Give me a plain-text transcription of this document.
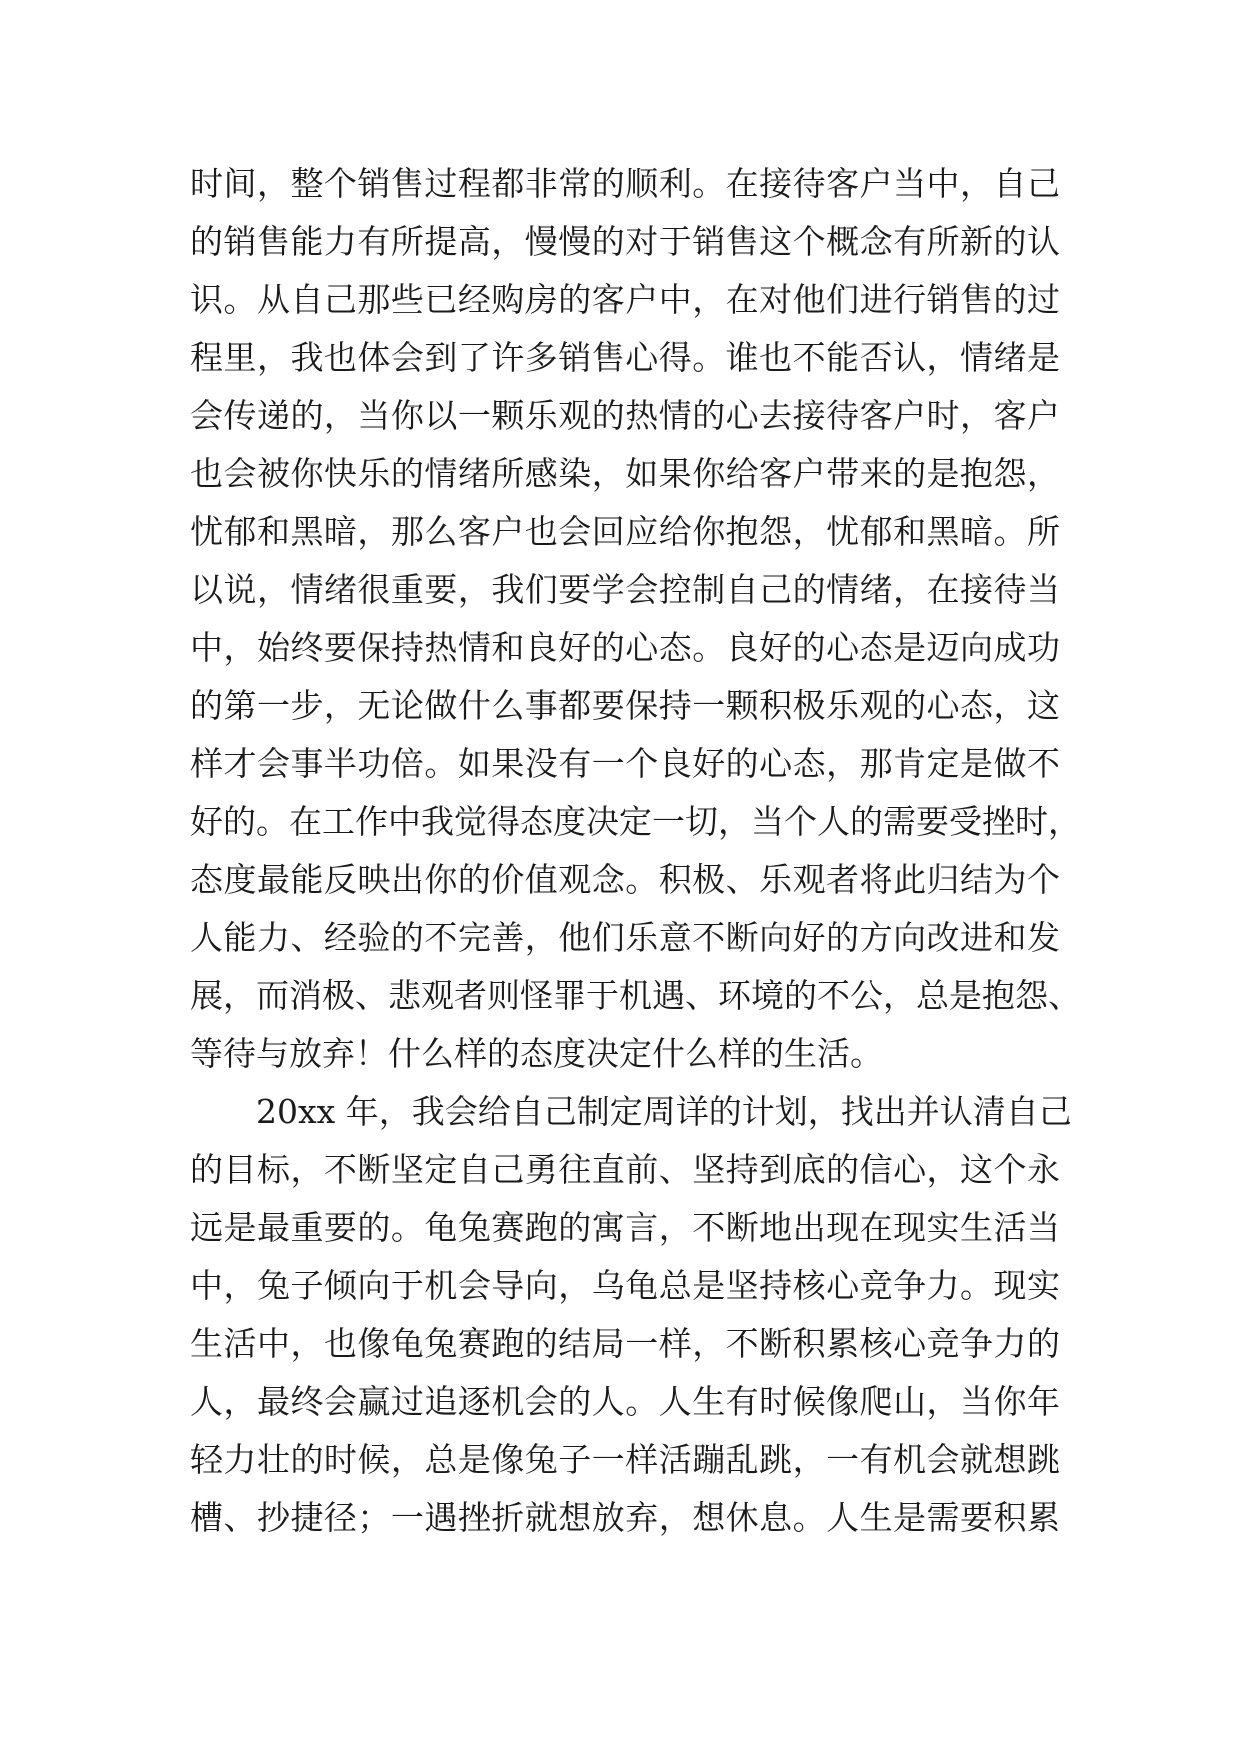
时间，整个销售过程都非常的顺利。在接待客户当中，自己
的销售能力有所提高，慢慢的对于销售这个概念有所新的认
识。从自己那些已经购房的客户中，在对他们进行销售的过
程里，我也体会到了许多销售心得。谁也不能否认，情绪是
会传递的，当你以一颗乐观的热情的心去接待客户时，客户
也会被你快乐的情绪所感染，如果你给客户带来的是抱怨，
忧郁和黑暗，那么客户也会回应给你抱怨，忧郁和黑暗。所
以说，情绪很重要，我们要学会控制自己的情绪，在接待当
中，始终要保持热情和良好的心态。良好的心态是迈向成功
的第一步，无论做什么事都要保持一颗积极乐观的心态，这
样才会事半功倍。如果没有一个良好的心态，那肯定是做不
好的。在工作中我觉得态度决定一切，当个人的需要受挫时，
态度最能反映出你的价值观念。积极、乐观者将此归结为个
人能力、经验的不完善，他们乐意不断向好的方向改进和发
展，而消极、悲观者则怪罪于机遇、环境的不公，总是抱怨、
等待与放弃！什么样的态度决定什么样的生活。
20xx 年，我会给自己制定周详的计划，找出并认清自己
的目标，不断坚定自己勇往直前、坚持到底的信心，这个永
远是最重要的。龟兔赛跑的寓言，不断地出现在现实生活当
中，兔子倾向于机会导向，乌龟总是坚持核心竞争力。现实
生活中，也像龟兔赛跑的结局一样，不断积累核心竞争力的
人，最终会赢过追逐机会的人。人生有时候像爬山，当你年
轻力壮的时候，总是像兔子一样活蹦乱跳，一有机会就想跳
槽、抄捷径；一遇挫折就想放弃，想休息。人生是需要积累
